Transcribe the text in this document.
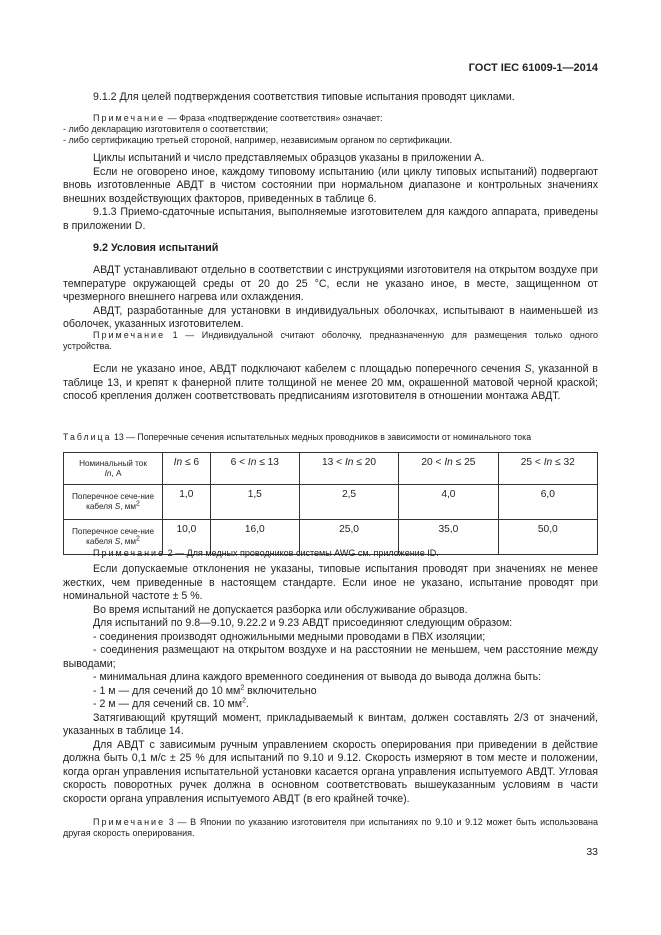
ГОСТ IEC 61009-1—2014

9.1.2 Для целей подтверждения соответствия типовые испытания проводят циклами.

Примечание — Фраза «подтверждение соответствия» означает:

- либо декларацию изготовителя о соответствии;

- либо сертификацию третьей стороной, например, независимым органом по сертификации.

Циклы испытаний и число представляемых образцов указаны в приложении А.

Если не оговорено иное, каждому типовому испытанию (или циклу типовых испытаний) подвергают вновь изготовленные АВДТ в чистом состоянии при нормальном диапазоне и контрольных значениях внешних воздействующих факторов, приведенных в таблице 6.

9.1.3 Приемо-сдаточные испытания, выполняемые изготовителем для каждого аппарата, приведены в приложении D.

9.2 Условия испытаний

АВДТ устанавливают отдельно в соответствии с инструкциями изготовителя на открытом воздухе при температуре окружающей среды от 20 до 25 °С, если не указано иное, в месте, защищенном от чрезмерного внешнего нагрева или охлаждения.

АВДТ, разработанные для установки в индивидуальных оболочках, испытывают в наименьшей из оболочек, указанных изготовителем.

Примечание 1 — Индивидуальной считают оболочку, предназначенную для размещения только одного устройства.

Если не указано иное, АВДТ подключают кабелем с площадью поперечного сечения S, указанной в таблице 13, и крепят к фанерной плите толщиной не менее 20 мм, окрашенной матовой черной краской; способ крепления должен соответствовать предписаниям изготовителя в отношении монтажа АВДТ.

Таблица 13 — Поперечные сечения испытательных медных проводников в зависимости от номинального тока

Номинальный ток
In, А	In ≤ 6	6 < In ≤ 13	13 < In ≤ 20	20 < In ≤ 25	25 < In ≤ 32
Поперечное сече-ние кабеля S, $мм^2$	1,0	1,5	2,5	4,0	6,0
Поперечное сече-ние кабеля S, $мм^2$	10,0	16,0	25,0	35,0	50,0

Примечание 2 — Для медных проводников системы AWG см. приложение ID.

Если допускаемые отклонения не указаны, типовые испытания проводят при значениях не менее жестких, чем приведенные в настоящем стандарте. Если иное не указано, испытание проводят при номинальной частоте ± 5 %.

Во время испытаний не допускается разборка или обслуживание образцов.

Для испытаний по 9.8—9.10, 9.22.2 и 9.23 АВДТ присоединяют следующим образом:

- соединения производят одножильными медными проводами в ПВХ изоляции;

- соединения размещают на открытом воздухе и на расстоянии не меньшем, чем расстояние между выводами;

- минимальная длина каждого временного соединения от вывода до вывода должна быть:

- 1 м — для сечений до 10 $мм^2$ включительно

- 2 м — для сечений св. 10 $мм^2$.

Затягивающий крутящий момент, прикладываемый к винтам, должен составлять 2/3 от значений, указанных в таблице 14.

Для АВДТ с зависимым ручным управлением скорость оперирования при приведении в действие должна быть 0,1 м/с ± 25 % для испытаний по 9.10 и 9.12. Скорость измеряют в том месте и положении, когда орган управления испытательной установки касается органа управления испытуемого АВДТ. Угловая скорость поворотных ручек должна в основном соответствовать вышеуказанным условиям в части скорости органа управления испытуемого АВДТ (в его крайней точке).

Примечание 3 — В Японии по указанию изготовителя при испытаниях по 9.10 и 9.12 может быть использована другая скорость оперирования.

33
